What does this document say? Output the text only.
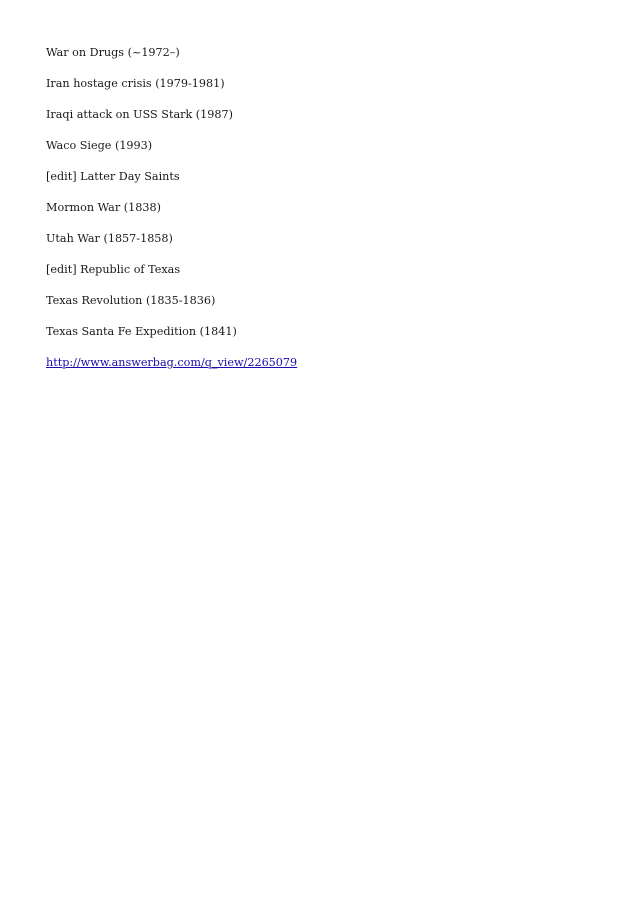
War on Drugs (~1972–)

Iran hostage crisis (1979-1981)

Iraqi attack on USS Stark (1987)

Waco Siege (1993)

[edit] Latter Day Saints

Mormon War (1838)

Utah War (1857-1858)

[edit] Republic of Texas

Texas Revolution (1835-1836)

Texas Santa Fe Expedition (1841)

http://www.answerbag.com/q_view/2265079
